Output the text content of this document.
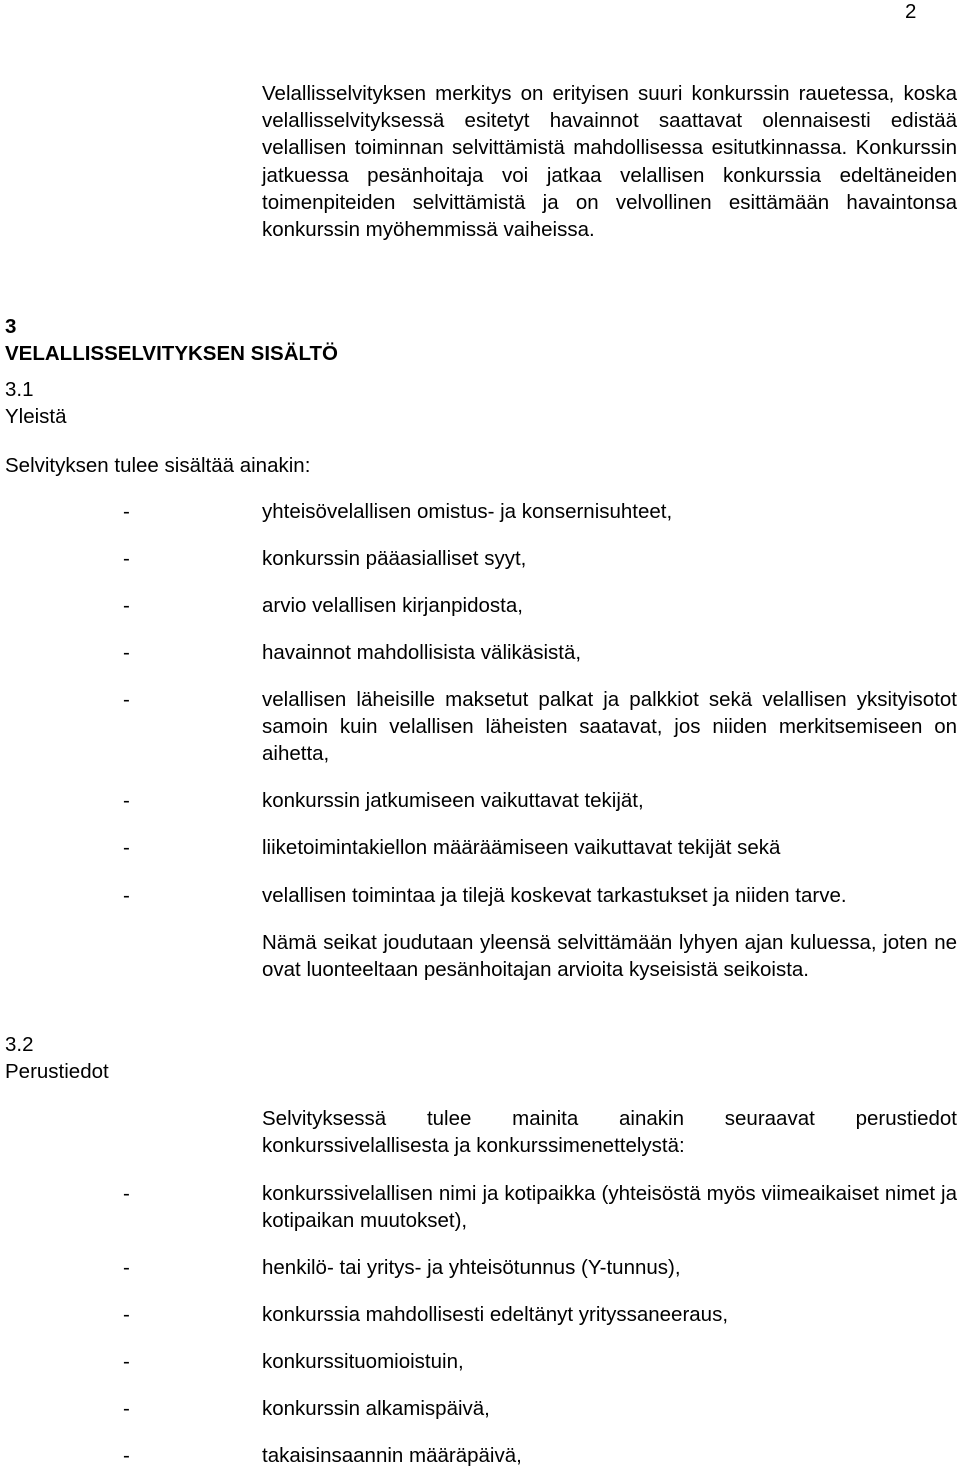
2

Velallisselvityksen merkitys on erityisen suuri konkurssin rauetessa, koska velallisselvityksessä esitetyt havainnot saattavat olennaisesti edistää velallisen toiminnan selvittämistä mahdollisessa esitutkinnassa. Konkurssin jatkuessa pesänhoitaja voi jatkaa velallisen konkurssia edeltäneiden toimenpiteiden selvittämistä ja on velvollinen esittämään havaintonsa konkurssin myöhemmissä vaiheissa.

3
VELALLISSELVITYKSEN SISÄLTÖ
3.1
Yleistä
Selvityksen tulee sisältää ainakin:
-	yhteisövelallisen omistus- ja konsernisuhteet,
-	konkurssin pääasialliset syyt,
-	arvio velallisen kirjanpidosta,
-	havainnot mahdollisista välikäsistä,
-	velallisen läheisille maksetut palkat ja palkkiot sekä velallisen yksityisotot samoin kuin velallisen läheisten saatavat, jos niiden merkitsemiseen on aihetta,
-	konkurssin jatkumiseen vaikuttavat tekijät,
-	liiketoimintakiellon määräämiseen vaikuttavat tekijät sekä
-	velallisen toimintaa ja tilejä koskevat tarkastukset ja niiden tarve.

Nämä seikat joudutaan yleensä selvittämään lyhyen ajan kuluessa, joten ne ovat luonteeltaan pesänhoitajan arvioita kyseisistä seikoista.

3.2
Perustiedot

Selvityksessä tulee mainita ainakin seuraavat perustiedot konkurssivelallisesta ja konkurssimenettelystä:

-	konkurssivelallisen nimi ja kotipaikka (yhteisöstä myös viimeaikaiset nimet ja kotipaikan muutokset),
-	henkilö- tai yritys- ja yhteisötunnus (Y-tunnus),
-	konkurssia mahdollisesti edeltänyt yrityssaneeraus,
-	konkurssituomioistuin,
-	konkurssin alkamispäivä,
-	takaisinsaannin määräpäivä,
